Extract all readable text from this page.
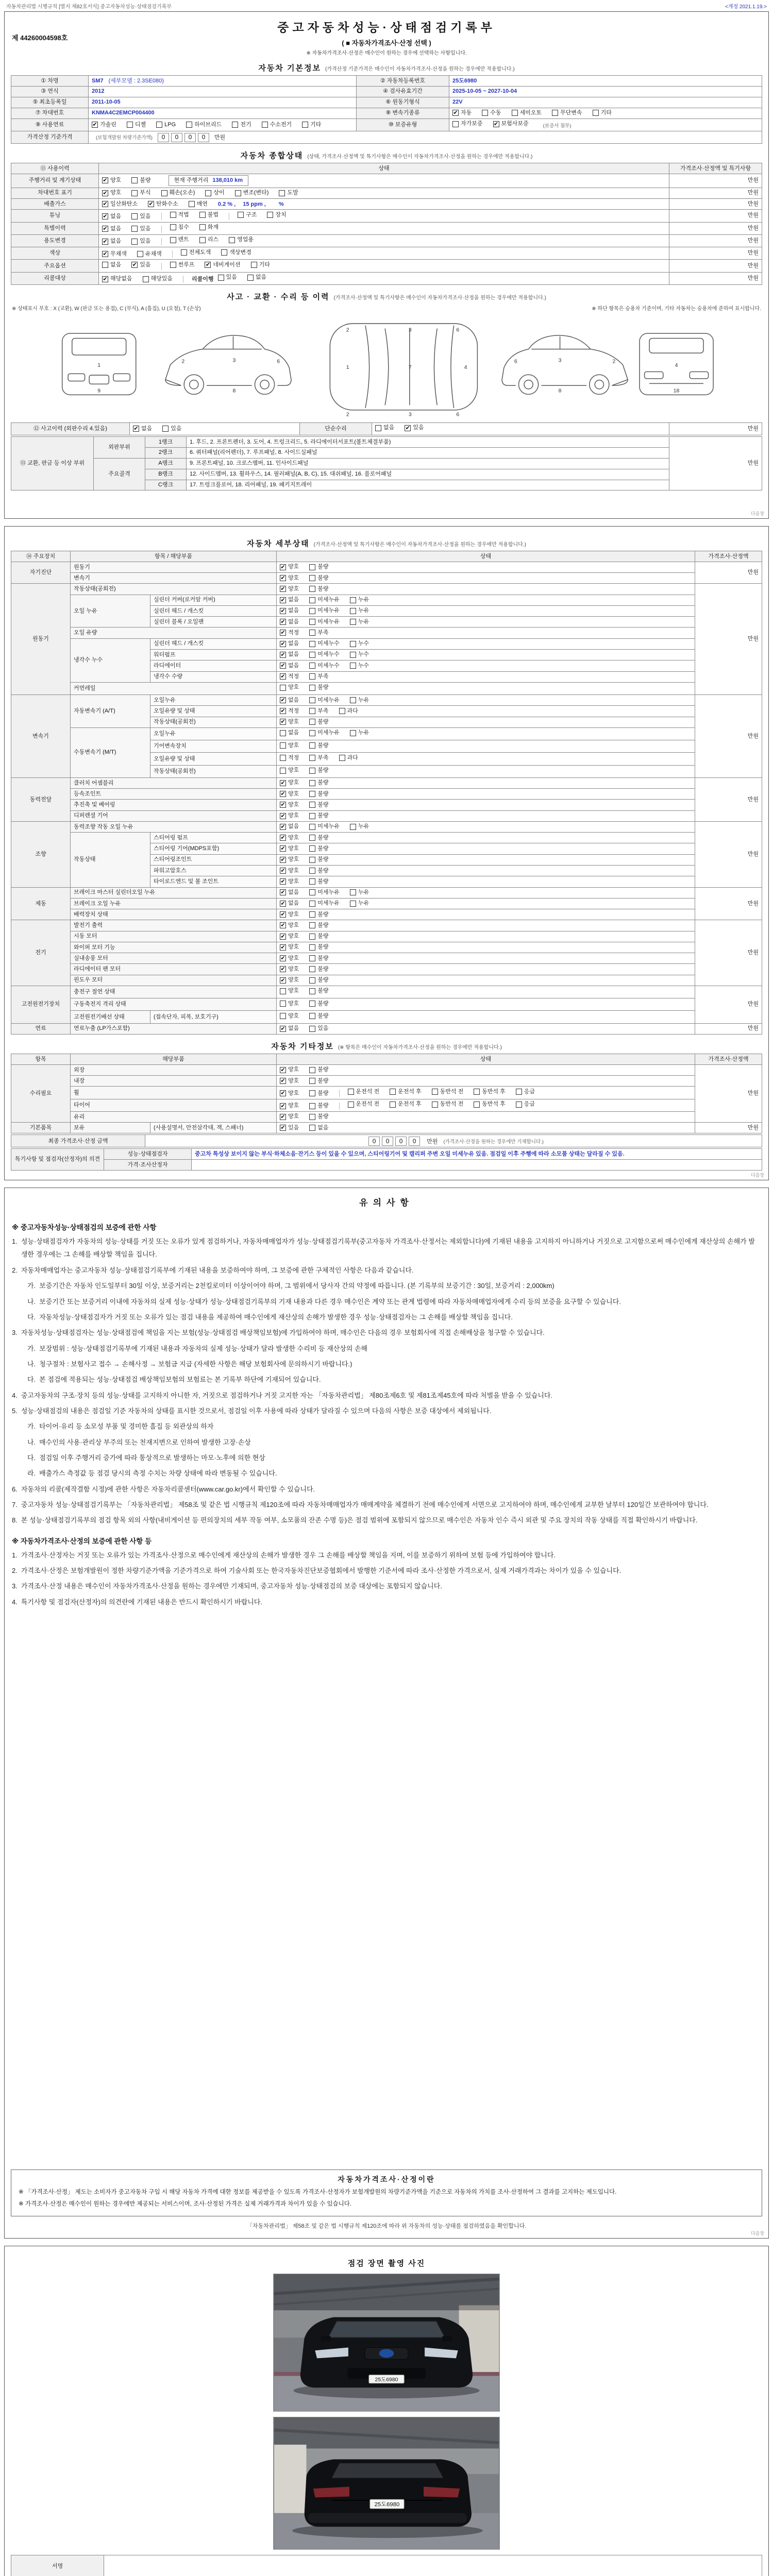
자동차관리법 시행규칙 [별지 제82호서식] 중고자동차성능·상태점검기록부	<개정 2021.1.19.>
제 44260004598호
중고자동차성능·상태점검기록부
( ■ 자동차가격조사·산정 선택 )
※ 자동차가격조사·산정은 매수인이 원하는 경우에 선택하는 사항입니다.
자동차 기본정보 (가격산정 기준가격은 매수인이 자동차가격조사·산정을 원하는 경우에만 적용합니다.)
① 차명	SM7 (세부모델 : 2.3SE080)	② 자동차등록번호	25도6980
③ 연식	2012	④ 검사유효기간	2025-10-05 ~ 2027-10-04
⑤ 최초등록일	2011-10-05	⑥ 원동기형식	22V
⑦ 차대번호	KNMA4C2EMCP004400	⑧ 변속기종류	✔ 자동	수동	세미오토	무단변속	기타

⑨ 사용연료	✔ 가솔린	디젤	LPG	하이브리드	전기	수소전기	기타	⑩ 보증유형	자가보증 ✔ 보험사보증	(보증서 첨부)
가격산정 기준가격	(보험개발원 차량기준가액)	0	0	0	0	만원
자동차 종합상태 (상태, 가격조사·산정액 및 특기사항은 매수인이 자동차가격조사·산정을 원하는 경우에만 적용합니다.)
⑪ 사용이력	상태	가격조사·산정액 및 특기사항
주행거리 및 계기상태	✔ 양호 불량 현재 주행거리 138,010 km	만원
차대번호 표기	✔ 양호	부식	훼손(오손)	상이	변조(변타)	도말	만원
배출가스	✔ 일산화탄소 ✔ 탄화수소	매연 0.2 % ,　 15 ppm ,　　 %	만원
튜닝	✔ 없음	있음	적법	불법	구조	장치	만원
특별이력	✔ 없음 있음 침수 화재	만원
용도변경	✔ 없음	있음	렌트	리스	영업용	만원
색상	✔ 무채색 유채색 전체도색 색상변경	만원
주요옵션	없음 ✔ 있음	썬루프 ✔ 네비게이션	기타	만원
리콜대상	✔ 해당없음	해당있음	리콜이행 있음	없음	만원
사고 · 교환 · 수리 등 이력 (가격조사·산정액 및 특기사항은 매수인이 자동차가격조사·산정을 원하는 경우에만 적용합니다.)
※ 상태표시 부호 : X (교환), W (판금 또는 용접), C (부식), A (흠집), U (요철), T (손상)	※ 하단 항목은 승용차 기준이며, 기타 자동차는 승용차에 준하여 표시합니다.
1
9
2	3	6
8
1	7	4
2
2
3
3
6
6
6	3	2
8
4
18
⑫ 사고이력 (외판수리 4.있음)	✔ 없음	있음	단순수리	없음 ✔ 있음	만원
⑬ 교환, 판금 등 이상 부위	외판부위	1랭크	1. 후드, 2. 프론트펜더, 3. 도어, 4. 트렁크리드, 5. 라디에이터서포트(볼트체결부품)	만원
		2랭크	6. 쿼터패널(리어펜더), 7. 루프패널, 8. 사이드실패널	
	주요골격	A랭크	9. 프론트패널, 10. 크로스멤버, 11. 인사이드패널	
		B랭크	12. 사이드멤버, 13. 휠하우스, 14. 필러패널(A, B, C), 15. 대쉬패널, 16. 플로어패널	
		C랭크	17. 트렁크플로어, 18. 리어패널, 19. 패키지트레이	
다음장
자동차 세부상태 (가격조사·산정액 및 특기사항은 매수인이 자동차가격조사·산정을 원하는 경우에만 적용합니다.)
⑭ 주요장치	항목 / 해당부품		상태	가격조사·산정액
자기진단	원동기		✔ 양호 불량	만원
	변속기		✔ 양호 불량	

원동기	작동상태(공회전)		✔ 양호 불량	만원
	오일 누유	실린더 커버(로커암 커버)	✔ 없음 미세누유 누유	

		실린더 헤드 / 개스킷	✔ 없음 미세누유 누유	

		실린더 블록 / 오일팬	✔ 없음 미세누유 누유	

	오일 유량		✔ 적정 부족	

	냉각수 누수	실린더 헤드 / 개스킷	✔ 없음 미세누수 누수	

		워터펌프	✔ 없음 미세누수 누수	

		라디에이터	✔ 없음 미세누수 누수	

		냉각수 수량	✔ 적정 부족	

	커먼레일		양호 불량	

변속기	자동변속기 (A/T)	오일누유	✔ 없음 미세누유 누유	만원
		오일유량 및 상태	✔ 적정 부족 과다	

		작동상태(공회전)	✔ 양호 불량	

	수동변속기 (M/T)	오일누유	없음 미세누유 누유	

		기어변속장치	양호 불량	

		오일유량 및 상태	적정 부족 과다	

		작동상태(공회전)	양호 불량	

동력전달	클러치 어셈블리		✔ 양호 불량	만원
	등속조인트		✔ 양호 불량	

	추진축 및 베어링		✔ 양호 불량	

	디퍼렌셜 기어		✔ 양호 불량	

조향	동력조향 작동 오일 누유		✔ 없음 미세누유 누유	만원
	작동상태	스티어링 펌프	✔ 양호 불량	

		스티어링 기어(MDPS포함)	✔ 양호 불량	

		스티어링조인트	✔ 양호 불량	

		파워고압호스	✔ 양호 불량	

		타이로드엔드 및 볼 조인트	✔ 양호 불량	

제동	브레이크 마스터 실린더오일 누유		✔ 없음 미세누유 누유	만원
	브레이크 오일 누유		✔ 없음 미세누유 누유	

	배력장치 상태		✔ 양호 불량	

전기	발전기 출력		✔ 양호 불량	만원
	시동 모터		✔ 양호 불량	

	와이퍼 모터 기능		✔ 양호 불량	

	실내송풍 모터		✔ 양호 불량	

	라디에이터 팬 모터		✔ 양호 불량	

	윈도우 모터		✔ 양호 불량	

고전원전기장치	충전구 절연 상태		양호 불량	만원
	구동축전지 격리 상태		양호 불량	

	고전원전기배선 상태	(접속단자, 피복, 보호기구)	양호 불량	

연료	연료누출 (LP가스포함)		✔ 없음 있음	만원
자동차 기타정보 (※ 항목은 매수인이 자동차가격조사·산정을 원하는 경우에만 적용합니다.)
항목	해당부품		상태	가격조사·산정액
수리필요	외장		✔ 양호 불량	만원
	내장		✔ 양호 불량	

휠	✔ 양호	불량	운전석 전	운전석 후	동반석 전	동반석 후	응급

타이어	✔ 양호	불량	운전석 전	운전석 후	동반석 전	동반석 후	응급

	유리		✔ 양호 불량	

기본품목	보유	(사용설명서, 안전삼각대, 잭, 스패너)	✔ 있음 없음	만원
최종 가격조사·산정 금액	0	0	0	0	만원 (가격조사·산정을 원하는 경우에만 기재합니다.)
특기사항 및 점검자(산정자)의 의견	성능·상태점검자	중고차 특성상 보이지 않는 부식·하체소음·잔기스 등이 있을 수 있으며, 스티어링기어 및 캘리퍼 주변 오일 미세누유 있음. 점검일 이후 주행에 따라 소모품 상태는 달라질 수 있음.
	가격·조사산정자	
다음장
유의사항
※ 중고자동차성능·상태점검의 보증에 관한 사항
1. 성능·상태점검자가 자동차의 성능·상태를 거짓 또는 오류가 있게 점검하거나, 자동차매매업자가 성능·상태점검기록부(중고자동차 가격조사·산정서는 제외합니다)에 기재된 내용을 고지하지 아니하거나 거짓으로 고지함으로써 매수인에게 재산상의 손해가 발생한 경우에는 그 손해를 배상할 책임을 집니다.
2. 자동차매매업자는 중고자동차 성능·상태점검기록부에 기재된 내용을 보증하여야 하며, 그 보증에 관한 구체적인 사항은 다음과 같습니다.
가. 보증기간은 자동차 인도일부터 30일 이상, 보증거리는 2천킬로미터 이상이어야 하며, 그 범위에서 당사자 간의 약정에 따릅니다. (본 기록부의 보증기간 : 30일, 보증거리 : 2,000km)
나. 보증기간 또는 보증거리 이내에 자동차의 실제 성능·상태가 성능·상태점검기록부의 기재 내용과 다른 경우 매수인은 계약 또는 관계 법령에 따라 자동차매매업자에게 수리 등의 보증을 요구할 수 있습니다.
다. 자동차성능·상태점검자가 거짓 또는 오류가 있는 점검 내용을 제공하여 매수인에게 재산상의 손해가 발생한 경우 성능·상태점검자는 그 손해를 배상할 책임을 집니다.
3. 자동차성능·상태점검자는 성능·상태점검에 책임을 지는 보험(성능·상태점검 배상책임보험)에 가입하여야 하며, 매수인은 다음의 경우 보험회사에 직접 손해배상을 청구할 수 있습니다.
가. 보장범위 : 성능·상태점검기록부에 기재된 내용과 자동차의 실제 성능·상태가 달라 발생한 수리비 등 재산상의 손해
나. 청구절차 : 보험사고 접수 → 손해사정 → 보험금 지급 (자세한 사항은 해당 보험회사에 문의하시기 바랍니다.)
다. 본 점검에 적용되는 성능·상태점검 배상책임보험의 보험료는 본 기록부 하단에 기재되어 있습니다.
4. 중고자동차의 구조·장치 등의 성능·상태를 고지하지 아니한 자, 거짓으로 점검하거나 거짓 고지한 자는 「자동차관리법」 제80조제6호 및 제81조제45호에 따라 처벌을 받을 수 있습니다.
5. 성능·상태점검의 내용은 점검일 기준 자동차의 상태를 표시한 것으로서, 점검일 이후 사용에 따라 상태가 달라질 수 있으며 다음의 사항은 보증 대상에서 제외됩니다.
가. 타이어·유리 등 소모성 부품 및 경미한 흠집 등 외관상의 하자
나. 매수인의 사용·관리상 부주의 또는 천재지변으로 인하여 발생한 고장·손상
다. 점검일 이후 주행거리 증가에 따라 통상적으로 발생하는 마모·노후에 의한 현상
라. 배출가스 측정값 등 점검 당시의 측정 수치는 차량 상태에 따라 변동될 수 있습니다.
6. 자동차의 리콜(제작결함 시정)에 관한 사항은 자동차리콜센터(www.car.go.kr)에서 확인할 수 있습니다.
7. 중고자동차 성능·상태점검기록부는 「자동차관리법」 제58조 및 같은 법 시행규칙 제120조에 따라 자동차매매업자가 매매계약을 체결하기 전에 매수인에게 서면으로 고지하여야 하며, 매수인에게 교부한 날부터 120일간 보관하여야 합니다.
8. 본 성능·상태점검기록부의 점검 항목 외의 사항(내비게이션 등 편의장치의 세부 작동 여부, 소모품의 잔존 수명 등)은 점검 범위에 포함되지 않으므로 매수인은 자동차 인수 즉시 외관 및 주요 장치의 작동 상태를 직접 확인하시기 바랍니다.
※ 자동차가격조사·산정의 보증에 관한 사항 등
1. 가격조사·산정자는 거짓 또는 오류가 있는 가격조사·산정으로 매수인에게 재산상의 손해가 발생한 경우 그 손해를 배상할 책임을 지며, 이를 보증하기 위하여 보험 등에 가입하여야 합니다.
2. 가격조사·산정은 보험개발원이 정한 차량기준가액을 기준가격으로 하여 기술사회 또는 한국자동차진단보증협회에서 발행한 기준서에 따라 조사·산정한 가격으로서, 실제 거래가격과는 차이가 있을 수 있습니다.
3. 가격조사·산정 내용은 매수인이 자동차가격조사·산정을 원하는 경우에만 기재되며, 중고자동차 성능·상태점검의 보증 대상에는 포함되지 않습니다.
4. 특기사항 및 점검자(산정자)의 의견란에 기재된 내용은 반드시 확인하시기 바랍니다.
자동차가격조사·산정이란

※ 「가격조사·산정」 제도는 소비자가 중고자동차 구입 시 해당 자동차 가격에 대한 정보를 제공받을 수 있도록 가격조사·산정자가 보험개발원의 차량기준가액을 기준으로 자동차의 가치를 조사·산정하여 그 결과를 고지하는 제도입니다.

※ 가격조사·산정은 매수인이 원하는 경우에만 제공되는 서비스이며, 조사·산정된 가격은 실제 거래가격과 차이가 있을 수 있습니다.

「자동차관리법」 제58조 및 같은 법 시행규칙 제120조에 따라 위 자동차의 성능·상태를 점검하였음을 확인합니다.
다음장
점검 장면 촬영 사진
25도6980
25도6980
서명	
